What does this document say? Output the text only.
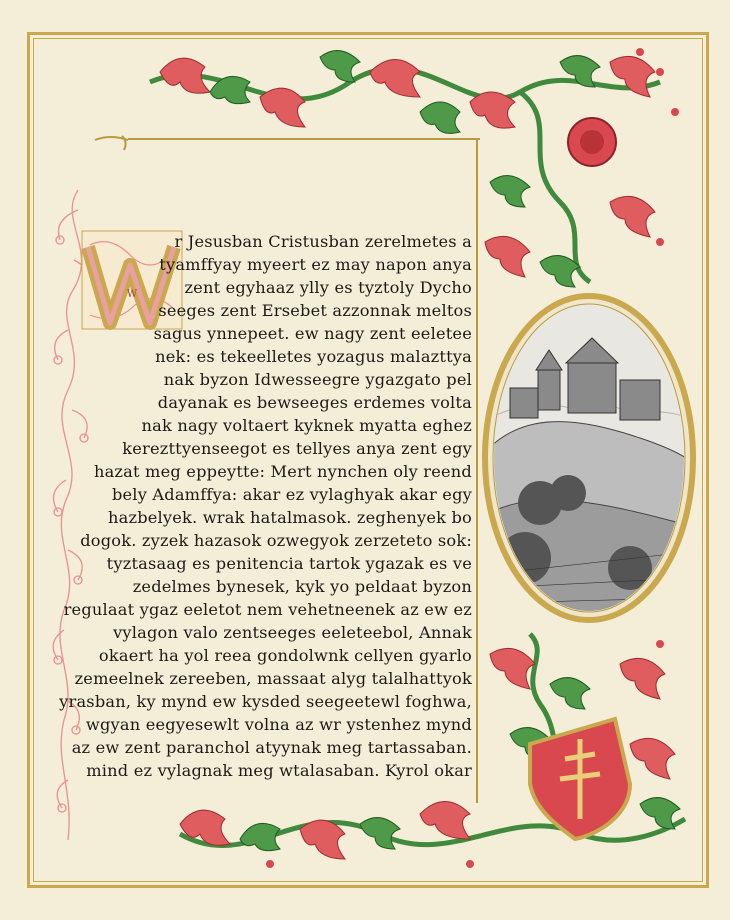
W
r Jesusban Cristusban zerelmetes a
tyamffyay myeert ez may napon anya
zent egyhaaz ylly es tyztoly Dycho
seeges zent Ersebet azzonnak meltos
sagus ynnepeet. ew nagy zent eeletee
nek: es tekeelletes yozagus malazttya
nak byzon Idwesseegre ygazgato pel
dayanak es bewseeges erdemes volta
nak nagy voltaert kyknek myatta eghez
kerezttyenseegot es tellyes anya zent egy
hazat meg eppeytte: Mert nynchen oly reend
bely Adamffya: akar ez vylaghyak akar egy
hazbelyek. wrak hatalmasok. zeghenyek bo
dogok. zyzek hazasok ozwegyok zerzeteto sok:
tyztasaag es penitencia tartok ygazak es ve
zedelmes bynesek, kyk yo peldaat byzon
regulaat ygaz eeletot nem vehetneenek az ew ez
vylagon valo zentseeges eeleteebol, Annak
okaert ha yol reea gondolwnk cellyen gyarlo
zemeelnek zereeben, massaat alyg talalhattyok
yrasban, ky mynd ew kysded seegeetewl foghwa,
wgyan eegyesewlt volna az wr ystenhez mynd
az ew zent paranchol atyynak meg tartassaban.
mind ez vylagnak meg wtalasaban. Kyrol okar
